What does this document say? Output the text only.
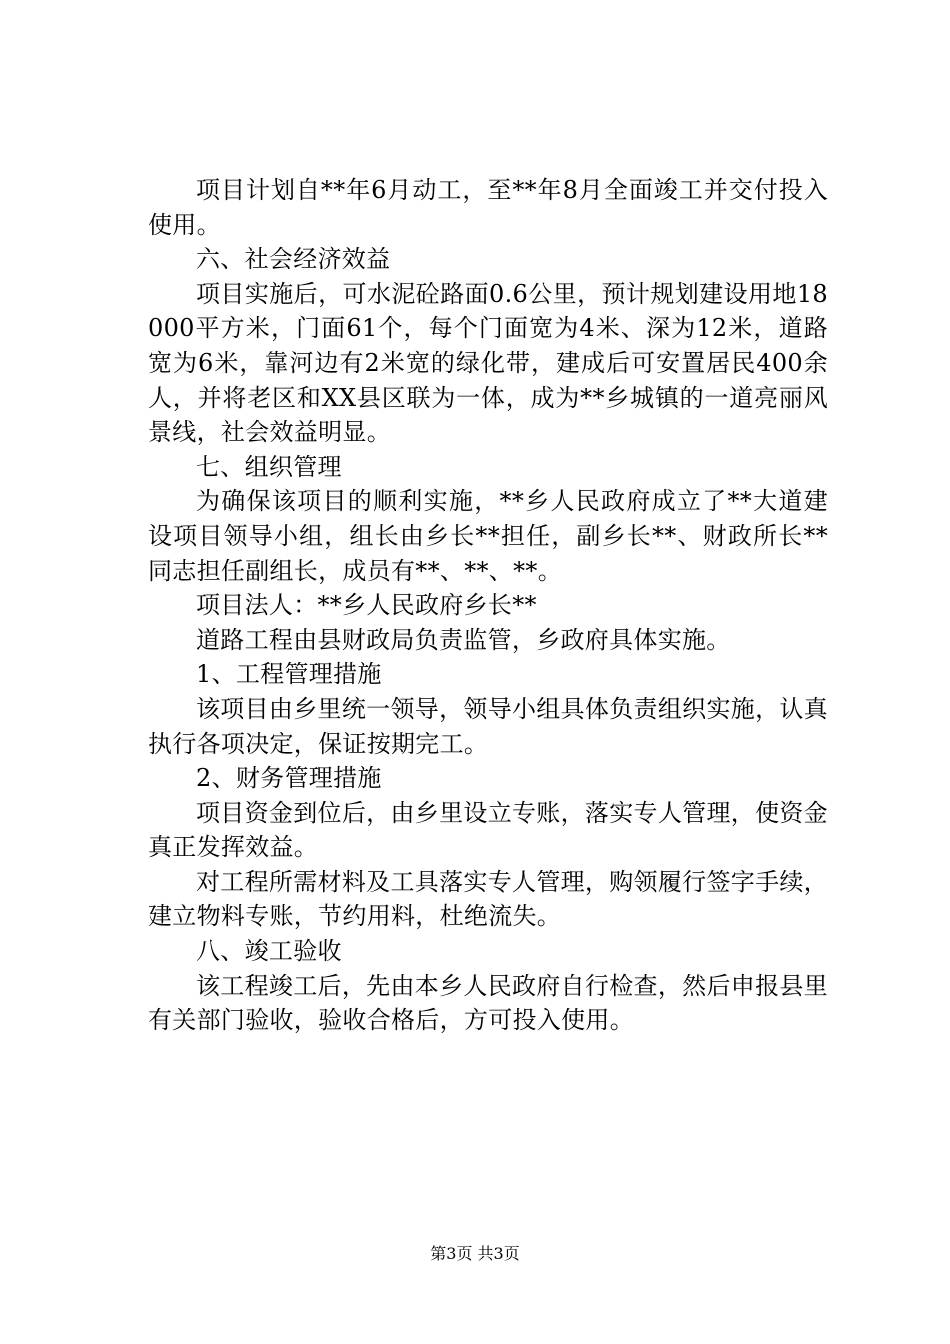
项目计划自**年6月动工，至**年8月全面竣工并交付投入使用。

六、社会经济效益

项目实施后，可水泥砼路面0.6公里，预计规划建设用地18000平方米，门面61个，每个门面宽为4米、深为12米，道路宽为6米，靠河边有2米宽的绿化带，建成后可安置居民400余人，并将老区和XX县区联为一体，成为**乡城镇的一道亮丽风景线，社会效益明显。

七、组织管理

为确保该项目的顺利实施，**乡人民政府成立了**大道建设项目领导小组，组长由乡长**担任，副乡长**、财政所长**同志担任副组长，成员有**、**、**。

项目法人：**乡人民政府乡长**

道路工程由县财政局负责监管，乡政府具体实施。

1、工程管理措施

该项目由乡里统一领导，领导小组具体负责组织实施，认真执行各项决定，保证按期完工。

2、财务管理措施

项目资金到位后，由乡里设立专账，落实专人管理，使资金真正发挥效益。

对工程所需材料及工具落实专人管理，购领履行签字手续，建立物料专账，节约用料，杜绝流失。

八、竣工验收

该工程竣工后，先由本乡人民政府自行检查，然后申报县里有关部门验收，验收合格后，方可投入使用。

第3页 共3页
